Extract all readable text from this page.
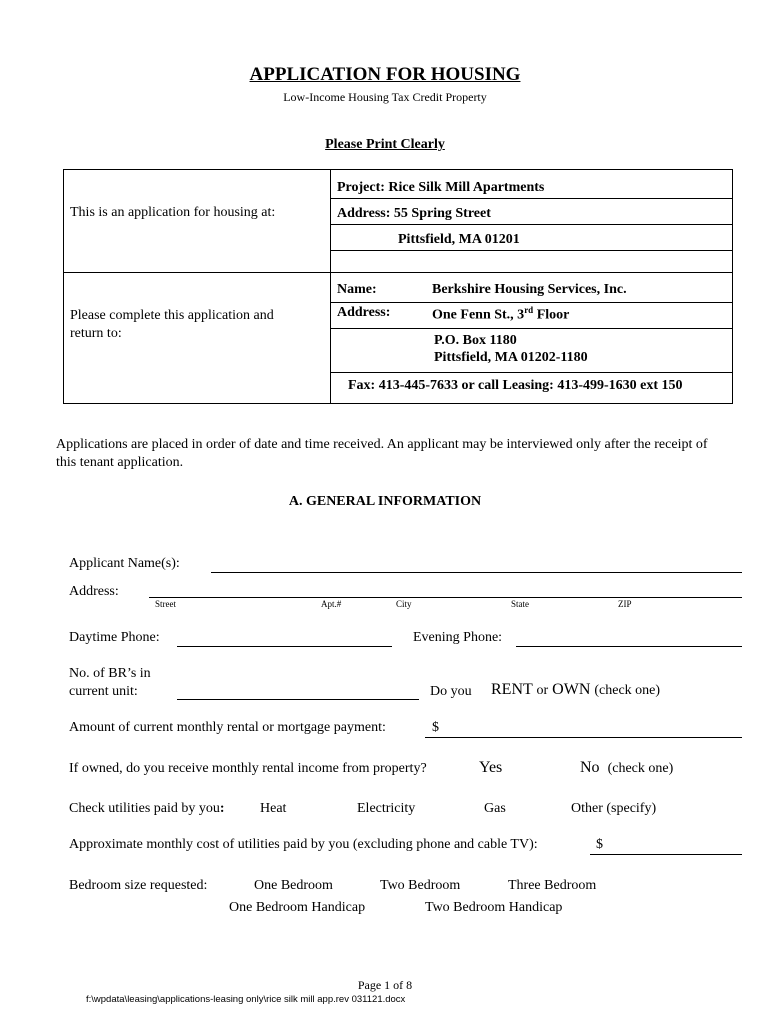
APPLICATION FOR HOUSING
Low-Income Housing Tax Credit Property
Please Print Clearly
This is an application for housing at:
Project: Rice Silk Mill Apartments
Address: 55 Spring Street
Pittsfield, MA 01201
Please complete this application and
return to:
Name:	Berkshire Housing Services, Inc.
Address:	One Fenn St., 3rd Floor
P.O. Box 1180
Pittsfield, MA 01202-1180
Fax: 413-445-7633 or call Leasing: 413-499-1630 ext 150
Applications are placed in order of date and time received. An applicant may be interviewed only after the receipt of this tenant application.
A. GENERAL INFORMATION
Applicant Name(s):
Address:
Street	Apt.#	City	State	ZIP
Daytime Phone:	Evening Phone:
No. of BR’s in
current unit:	Do you RENT or OWN (check one)
Amount of current monthly rental or mortgage payment:	$
If owned, do you receive monthly rental income from property?	Yes	No (check one)
Check utilities paid by you:	Heat	Electricity	Gas	Other (specify)
Approximate monthly cost of utilities paid by you (excluding phone and cable TV):	$
Bedroom size requested:	One Bedroom	Two Bedroom	Three Bedroom
One Bedroom Handicap	Two Bedroom Handicap
Page 1 of 8
f:\wpdata\leasing\applications-leasing only\rice silk mill app.rev 031121.docx
